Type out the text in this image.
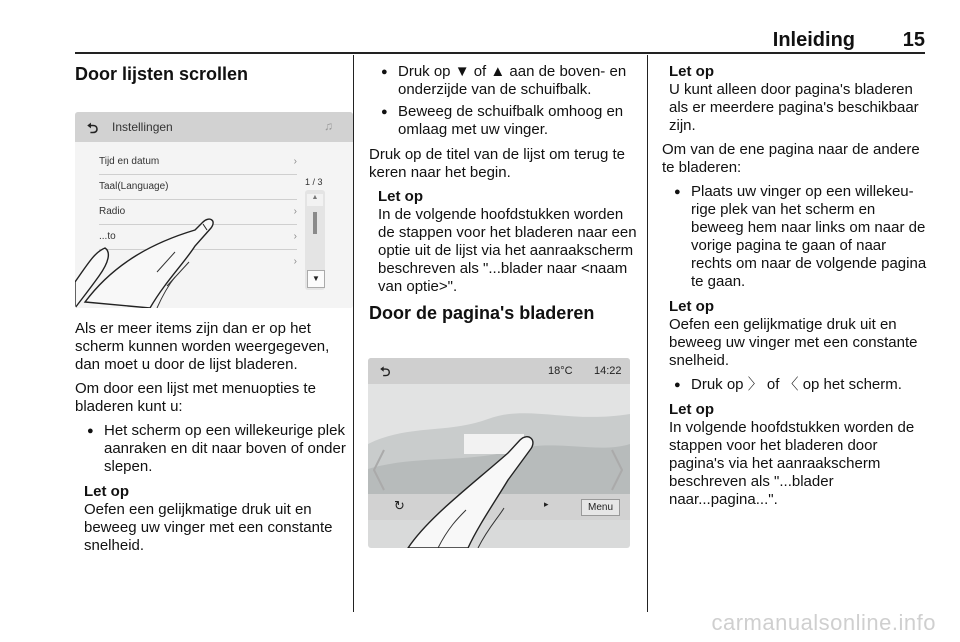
Inleiding 15
Door lijsten scrollen
⮌ Instellingen	♫
1 / 3
Tijd en datum	›
Taal(Language)
Radio	›
...to	›
›
▲
▼

Als er meer items zijn dan er op het scherm kunnen worden weergegeven, dan moet u door de lijst bladeren.

Om door een lijst met menuopties te bladeren kunt u:

● Het scherm op een willekeurige plek aanraken en dit naar boven of onder slepen.
Let op
Oefen een gelijkmatige druk uit en beweeg uw vinger met een constante snelheid.
● Druk op ▼ of ▲ aan de boven- en onderzijde van de schuifbalk.
● Beweeg de schuifbalk omhoog en omlaag met uw vinger.

Druk op de titel van de lijst om terug te keren naar het begin.

Let op
In de volgende hoofdstukken worden de stappen voor het bladeren naar een optie uit de lijst via het aanraakscherm beschreven als "...blader naar <naam van optie>".
Door de pagina's bladeren
⮌	18°C 14:22
↻	▸	Menu
Let op
U kunt alleen door pagina's bladeren als er meerdere pagina's beschikbaar zijn.

Om van de ene pagina naar de andere te bladeren:

● Plaats uw vinger op een willekeurige plek van het scherm en beweeg hem naar links om naar de vorige pagina te gaan of naar rechts om naar de volgende pagina te gaan.
Let op
Oefen een gelijkmatige druk uit en beweeg uw vinger met een constante snelheid.
● Druk op 〉 of 〈 op het scherm.
Let op
In volgende hoofdstukken worden de stappen voor het bladeren door pagina's via het aanraakscherm beschreven als "...blader naar...pagina...".
carmanualsonline.info
